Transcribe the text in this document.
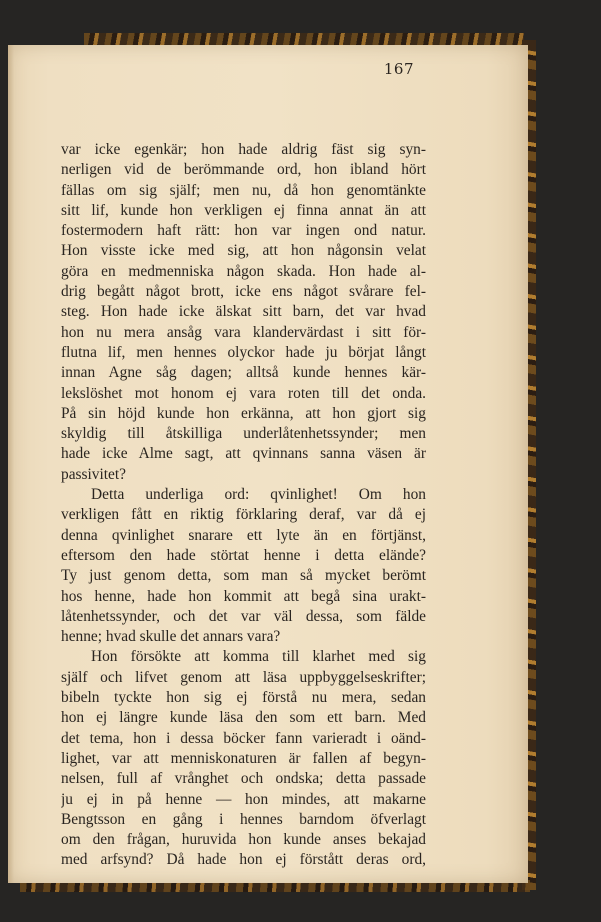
167
var icke egenkär; hon hade aldrig fäst sig syn-
nerligen vid de berömmande ord, hon ibland hört
fällas om sig själf; men nu, då hon genomtänkte
sitt lif, kunde hon verkligen ej finna annat än att
fostermodern haft rätt: hon var ingen ond natur.
Hon visste icke med sig, att hon någonsin velat
göra en medmenniska någon skada. Hon hade al-
drig begått något brott, icke ens något svårare fel-
steg. Hon hade icke älskat sitt barn, det var hvad
hon nu mera ansåg vara klandervärdast i sitt för-
flutna lif, men hennes olyckor hade ju börjat långt
innan Agne såg dagen; alltså kunde hennes kär-
lekslöshet mot honom ej vara roten till det onda.
På sin höjd kunde hon erkänna, att hon gjort sig
skyldig till åtskilliga underlåtenhetssynder; men
hade icke Alme sagt, att qvinnans sanna väsen är
passivitet?
Detta underliga ord: qvinlighet! Om hon
verkligen fått en riktig förklaring deraf, var då ej
denna qvinlighet snarare ett lyte än en förtjänst,
eftersom den hade störtat henne i detta elände?
Ty just genom detta, som man så mycket berömt
hos henne, hade hon kommit att begå sina urakt-
låtenhetssynder, och det var väl dessa, som fälde
henne; hvad skulle det annars vara?
Hon försökte att komma till klarhet med sig
själf och lifvet genom att läsa uppbyggelseskrifter;
bibeln tyckte hon sig ej förstå nu mera, sedan
hon ej längre kunde läsa den som ett barn. Med
det tema, hon i dessa böcker fann varieradt i oänd-
lighet, var att menniskonaturen är fallen af begyn-
nelsen, full af vrånghet och ondska; detta passade
ju ej in på henne — hon mindes, att makarne
Bengtsson en gång i hennes barndom öfverlagt
om den frågan, huruvida hon kunde anses bekajad
med arfsynd? Då hade hon ej förstått deras ord,
